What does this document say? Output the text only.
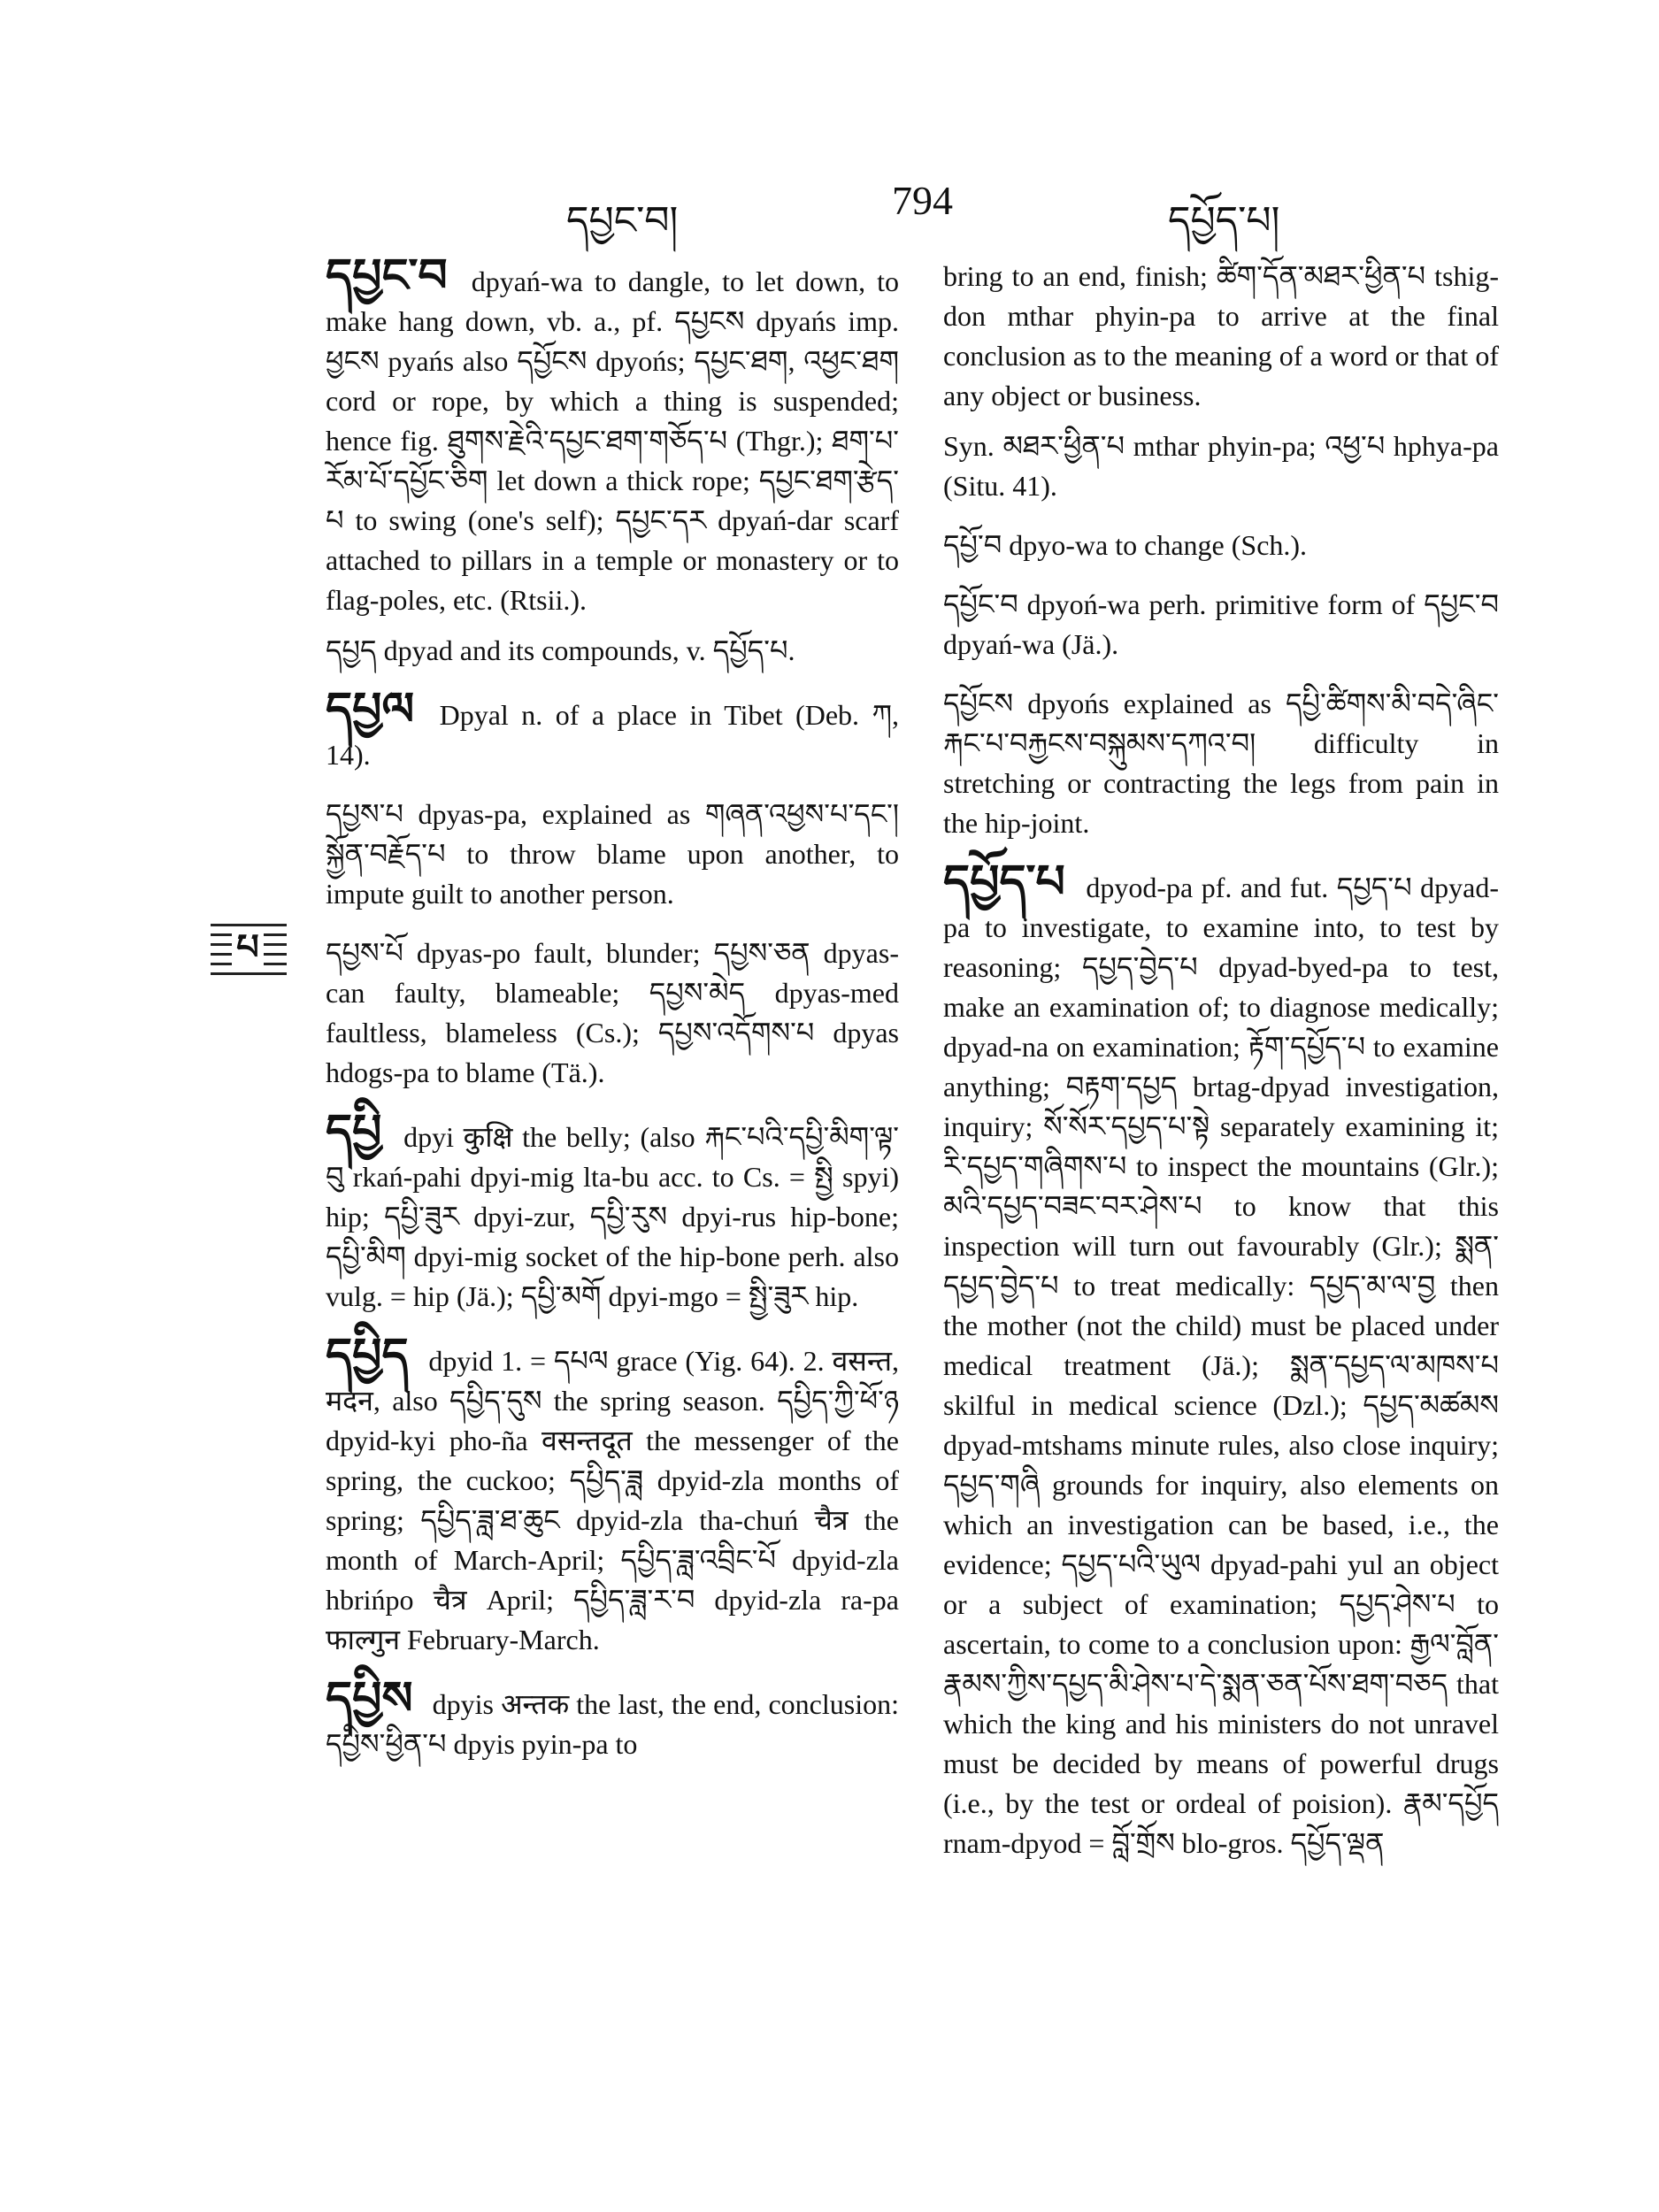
དཔྱང་བ།	794	དཔྱོད་པ།
པ

དཔྱང་བ dpyań-wa to dangle, to let down, to make hang down, vb. a., pf. དཔྱངས dpyańs imp. ཕྱངས pyańs also དཔྱོངས dpyońs; དཔྱང་ཐག, འཕྱང་ཐག cord or rope, by which a thing is suspended; hence fig. ཐུགས་རྗེའི་དཔྱང་ཐག་གཅོད་པ (Thgr.); ཐག་པ་རོམ་པོ་དཔྱོང་ཅིག let down a thick rope; དཔྱང་ཐག་རྩེད་པ to swing (one's self); དཔྱང་དར dpyań-dar scarf attached to pillars in a temple or monastery or to flag-poles, etc. (Rtsii.).

དཔྱད dpyad and its compounds, v. དཔྱོད་པ.

དཔྱལ Dpyal n. of a place in Tibet (Deb. ཀ, 14).

དཔྱས་པ dpyas-pa, explained as གཞན་འཕྱས་པ་དང་། སྐྱོན་བརྗོད་པ to throw blame upon another, to impute guilt to another person.

དཔྱས་པོ dpyas-po fault, blunder; དཔྱས་ཅན dpyas-can faulty, blameable; དཔྱས་མེད dpyas-med faultless, blameless (Cs.); དཔྱས་འདོགས་པ dpyas hdogs-pa to blame (Tä.).

དཔྱི dpyi कुक्षि the belly; (also རྐང་པའི་དཔྱི་མིག་ལྟ་བུ rkań-pahi dpyi-mig lta-bu acc. to Cs. = སྤྱི spyi) hip; དཔྱི་ཟུར dpyi-zur, དཔྱི་རུས dpyi-rus hip-bone; དཔྱི་མིག dpyi-mig socket of the hip-bone perh. also vulg. = hip (Jä.); དཔྱི་མགོ dpyi-mgo = སྤྱི་ཟུར hip.

དཔྱིད dpyid 1. = དཔལ grace (Yig. 64). 2. वसन्त, मदन, also དཔྱིད་དུས the spring season. དཔྱིད་ཀྱི་ཕོ་ཉ dpyid-kyi pho-ña वसन्तदूत the messenger of the spring, the cuckoo; དཔྱིད་ཟླ dpyid-zla months of spring; དཔྱིད་ཟླ་ཐ་ཆུང dpyid-zla tha-chuń चैत्र the month of March-April; དཔྱིད་ཟླ་འབྲིང་པོ dpyid-zla hbrińpo चैत्र April; དཔྱིད་ཟླ་ར་བ dpyid-zla ra-pa फाल्गुन February-March.

དཔྱིས dpyis अन्तक the last, the end, conclusion: དཔྱིས་ཕྱིན་པ dpyis pyin-pa to

bring to an end, finish; ཚིག་དོན་མཐར་ཕྱིན་པ tshig-don mthar phyin-pa to arrive at the final conclusion as to the meaning of a word or that of any object or business.

Syn. མཐར་ཕྱིན་པ mthar phyin-pa; འཕྱ་པ hphya-pa (Situ. 41).

དཔྱོ་བ dpyo-wa to change (Sch.).

དཔྱོང་བ dpyoń-wa perh. primitive form of དཔྱང་བ dpyań-wa (Jä.).

དཔྱོངས dpyońs explained as དཔྱི་ཚིགས་མི་བདེ་ཞིང་རྐང་པ་བརྐྱངས་བསྐུམས་དཀའ་བ། difficulty in stretching or contracting the legs from pain in the hip-joint.

དཔྱོད་པ dpyod-pa pf. and fut. དཔྱད་པ dpyad-pa to investigate, to examine into, to test by reasoning; དཔྱད་བྱེད་པ dpyad-byed-pa to test, make an examination of; to diagnose medically; dpyad-na on examination; རྟོག་དཔྱོད་པ to examine anything; བརྟག་དཔྱད brtag-dpyad investigation, inquiry; སོ་སོར་དཔྱད་པ་སྟེ separately examining it; རི་དཔྱད་གཞིགས་པ to inspect the mountains (Glr.); མའི་དཔྱད་བཟང་བར་ཤེས་པ to know that this inspection will turn out favourably (Glr.); སྨན་དཔྱད་བྱེད་པ to treat medically: དཔྱད་མ་ལ་བྱ then the mother (not the child) must be placed under medical treatment (Jä.); སྨན་དཔྱད་ལ་མཁས་པ skilful in medical science (Dzl.); དཔྱད་མཚམས dpyad-mtshams minute rules, also close inquiry; དཔྱད་གཞི grounds for inquiry, also elements on which an investigation can be based, i.e., the evidence; དཔྱད་པའི་ཡུལ dpyad-pahi yul an object or a subject of examination; དཔྱད་ཤེས་པ to ascertain, to come to a conclusion upon: རྒྱལ་བློན་རྣམས་ཀྱིས་དཔྱད་མི་ཤེས་པ་དེ་སྨན་ཅན་པོས་ཐག་བཅད that which the king and his ministers do not unravel must be decided by means of powerful drugs (i.e., by the test or ordeal of poision). རྣམ་དཔྱོད rnam-dpyod = བློ་གྲོས blo-gros. དཔྱོད་ལྡན
